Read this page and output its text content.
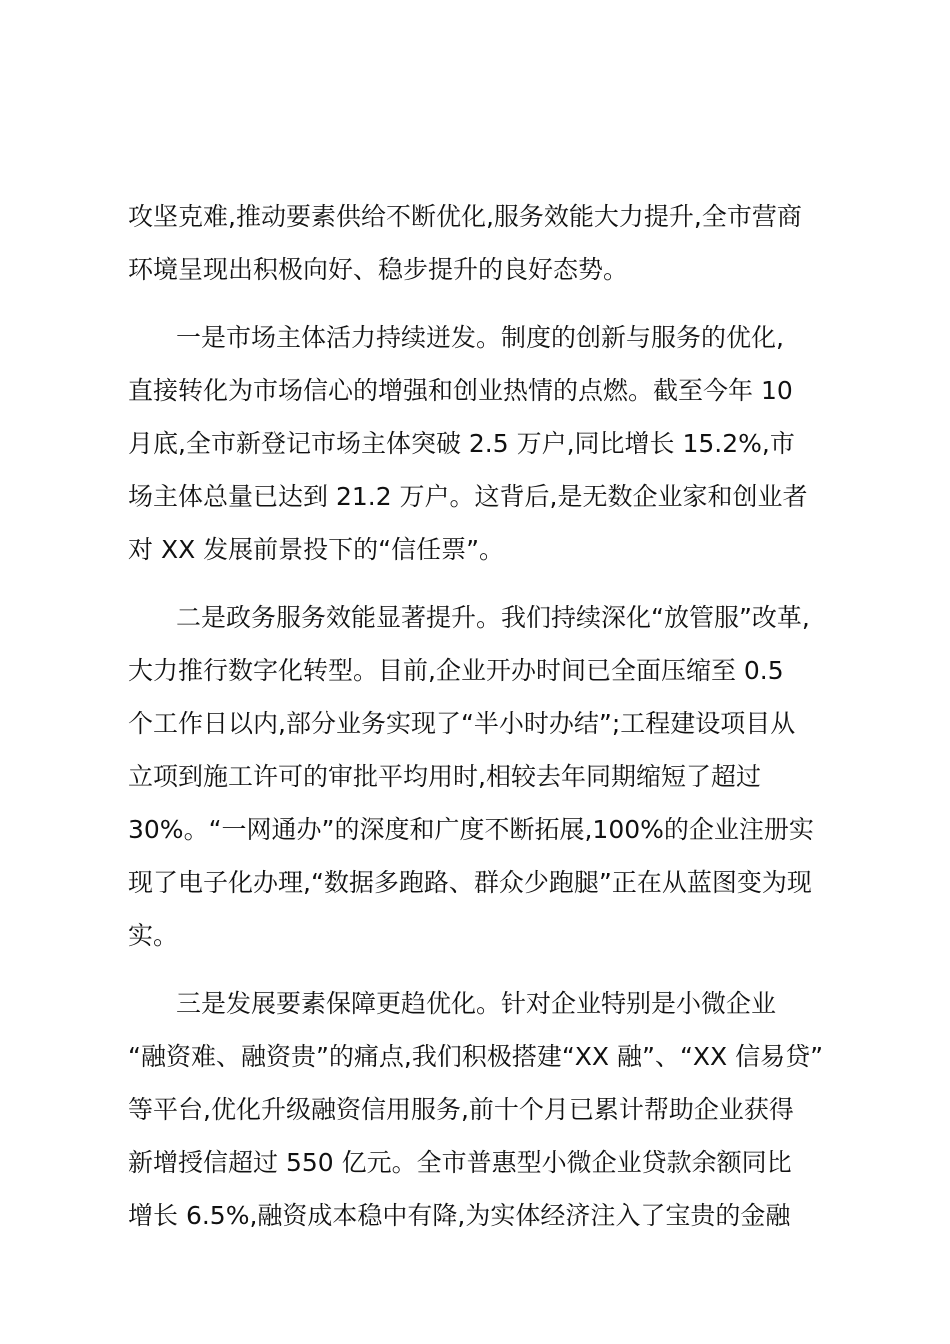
攻坚克难,推动要素供给不断优化,服务效能大力提升,全市营商
环境呈现出积极向好、稳步提升的良好态势。
一是市场主体活力持续迸发。制度的创新与服务的优化,
直接转化为市场信心的增强和创业热情的点燃。截至今年 10
月底,全市新登记市场主体突破 2.5 万户,同比增长 15.2%,市
场主体总量已达到 21.2 万户。这背后,是无数企业家和创业者
对 XX 发展前景投下的“信任票”。
二是政务服务效能显著提升。我们持续深化“放管服”改革,
大力推行数字化转型。目前,企业开办时间已全面压缩至 0.5
个工作日以内,部分业务实现了“半小时办结”;工程建设项目从
立项到施工许可的审批平均用时,相较去年同期缩短了超过
30%。“一网通办”的深度和广度不断拓展,100%的企业注册实
现了电子化办理,“数据多跑路、群众少跑腿”正在从蓝图变为现
实。
三是发展要素保障更趋优化。针对企业特别是小微企业
“融资难、融资贵”的痛点,我们积极搭建“XX 融”、“XX 信易贷”
等平台,优化升级融资信用服务,前十个月已累计帮助企业获得
新增授信超过 550 亿元。全市普惠型小微企业贷款余额同比
增长 6.5%,融资成本稳中有降,为实体经济注入了宝贵的金融
